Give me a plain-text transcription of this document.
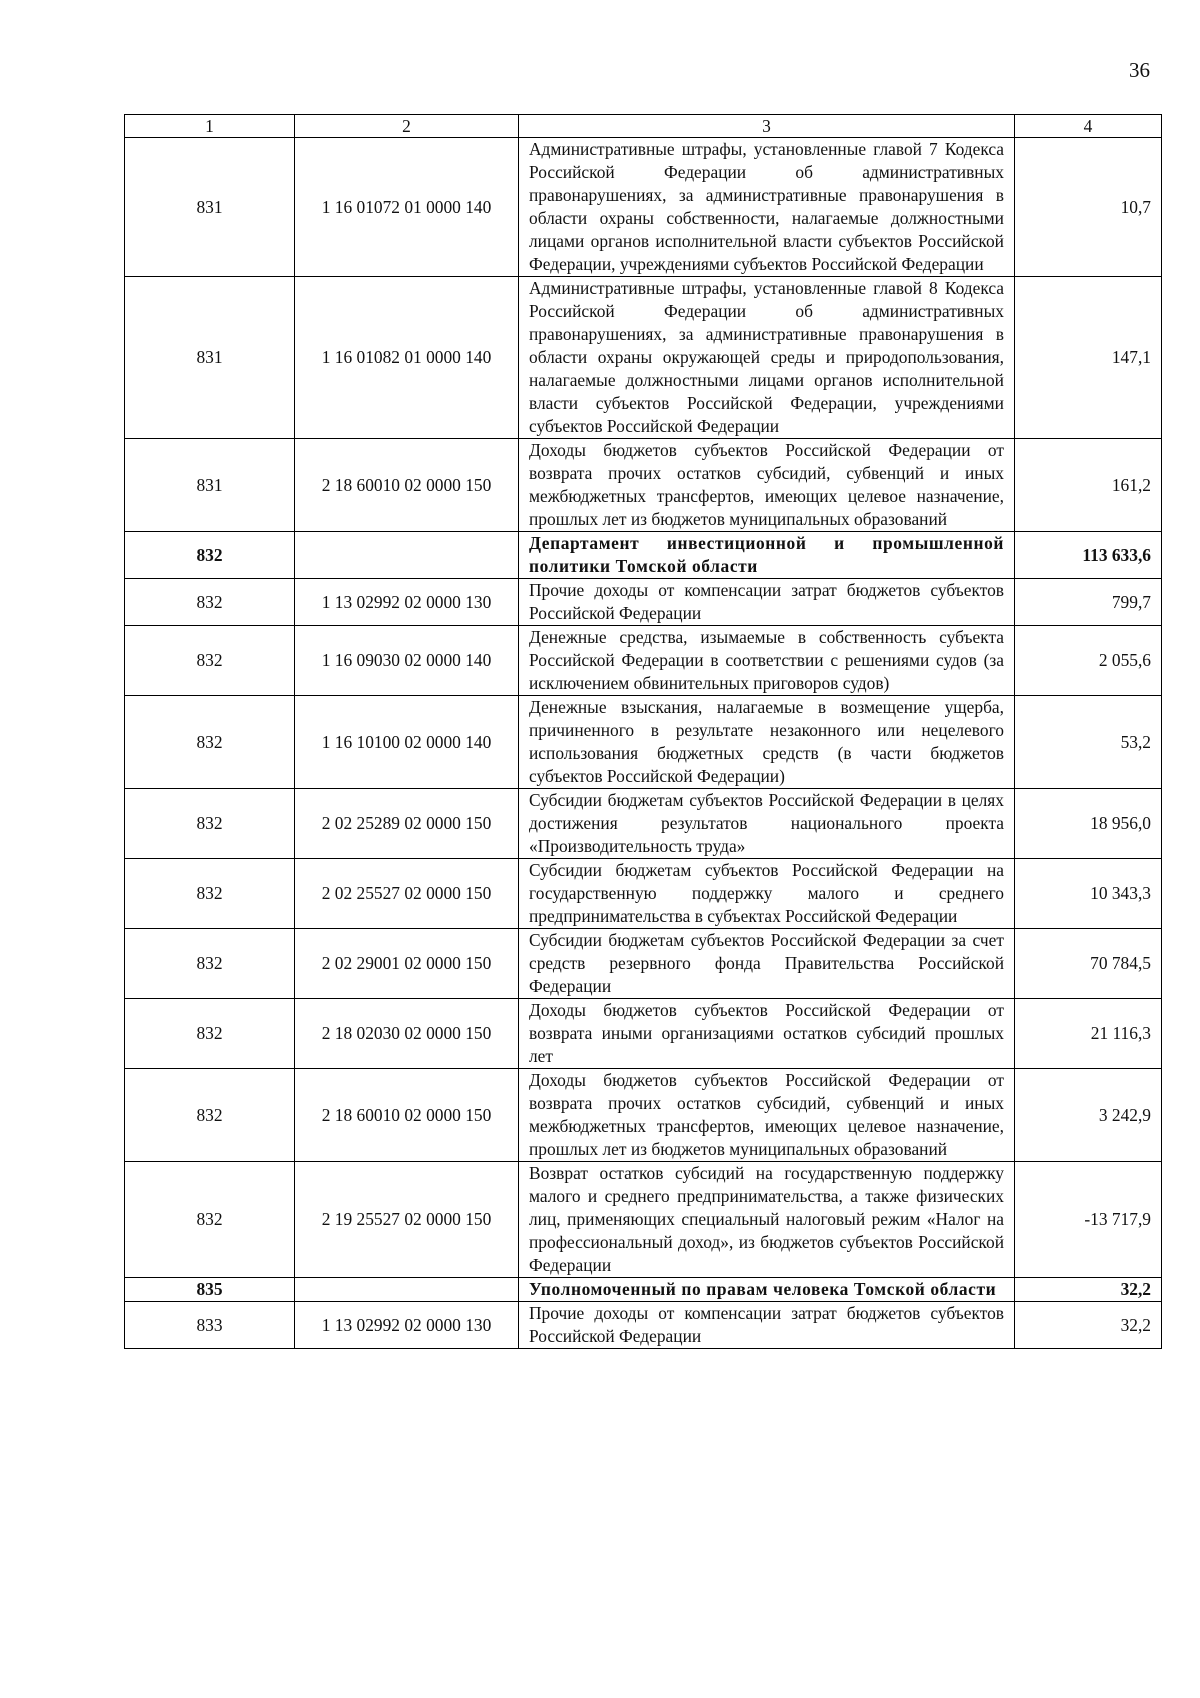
36
1	2	3	4
831	1 16 01072 01 0000 140	Административные штрафы, установленные главой 7 Кодекса Российской Федерации об административных правонарушениях, за административные правонарушения в области охраны собственности, налагаемые должностными лицами органов исполнительной власти субъектов Российской Федерации, учреждениями субъектов Российской Федерации	10,7
831	1 16 01082 01 0000 140	Административные штрафы, установленные главой 8 Кодекса Российской Федерации об административных правонарушениях, за административные правонарушения в области охраны окружающей среды и природопользования, налагаемые должностными лицами органов исполнительной власти субъектов Российской Федерации, учреждениями субъектов Российской Федерации	147,1
831	2 18 60010 02 0000 150	Доходы бюджетов субъектов Российской Федерации от возврата прочих остатков субсидий, субвенций и иных межбюджетных трансфертов, имеющих целевое назначение, прошлых лет из бюджетов муниципальных образований	161,2
832		Департамент инвестиционной и промышленной политики Томской области	113 633,6
832	1 13 02992 02 0000 130	Прочие доходы от компенсации затрат бюджетов субъектов Российской Федерации	799,7
832	1 16 09030 02 0000 140	Денежные средства, изымаемые в собственность субъекта Российской Федерации в соответствии с решениями судов (за исключением обвинительных приговоров судов)	2 055,6
832	1 16 10100 02 0000 140	Денежные взыскания, налагаемые в возмещение ущерба, причиненного в результате незаконного или нецелевого использования бюджетных средств (в части бюджетов субъектов Российской Федерации)	53,2
832	2 02 25289 02 0000 150	Субсидии бюджетам субъектов Российской Федерации в целях достижения результатов национального проекта «Производительность труда»	18 956,0
832	2 02 25527 02 0000 150	Субсидии бюджетам субъектов Российской Федерации на государственную поддержку малого и среднего предпринимательства в субъектах Российской Федерации	10 343,3
832	2 02 29001 02 0000 150	Субсидии бюджетам субъектов Российской Федерации за счет средств резервного фонда Правительства Российской Федерации	70 784,5
832	2 18 02030 02 0000 150	Доходы бюджетов субъектов Российской Федерации от возврата иными организациями остатков субсидий прошлых лет	21 116,3
832	2 18 60010 02 0000 150	Доходы бюджетов субъектов Российской Федерации от возврата прочих остатков субсидий, субвенций и иных межбюджетных трансфертов, имеющих целевое назначение, прошлых лет из бюджетов муниципальных образований	3 242,9
832	2 19 25527 02 0000 150	Возврат остатков субсидий на государственную поддержку малого и среднего предпринимательства, а также физических лиц, применяющих специальный налоговый режим «Налог на профессиональный доход», из бюджетов субъектов Российской Федерации	-13 717,9
835		Уполномоченный по правам человека Томской области	32,2
833	1 13 02992 02 0000 130	Прочие доходы от компенсации затрат бюджетов субъектов Российской Федерации	32,2
